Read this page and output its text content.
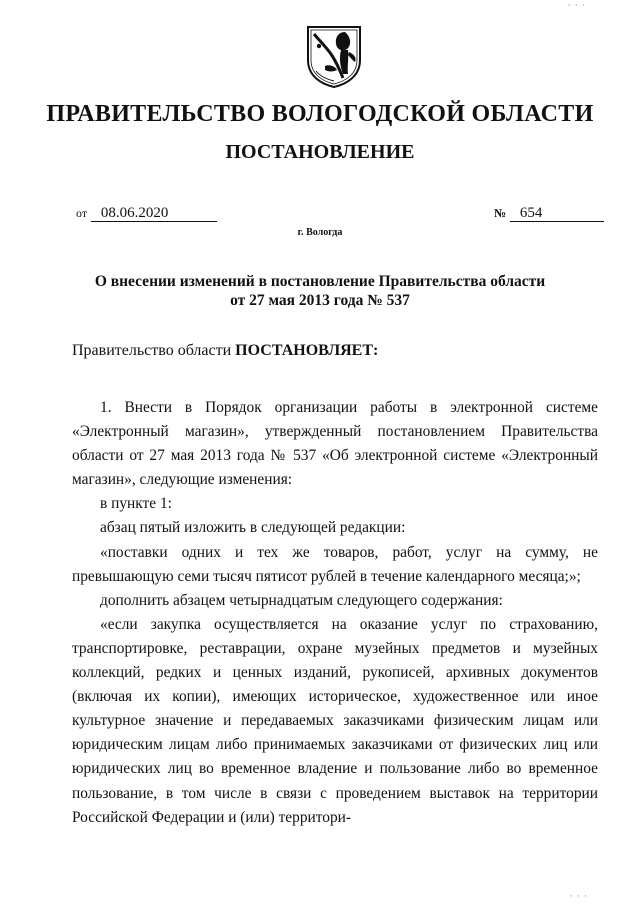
· · ·
ПРАВИТЕЛЬСТВО ВОЛОГОДСКОЙ ОБЛАСТИ
ПОСТАНОВЛЕНИЕ
от 08.06.2020	№ 654
г. Вологда
О внесении изменений в постановление Правительства области
от 27 мая 2013 года № 537
Правительство области ПОСТАНОВЛЯЕТ:

1. Внести в Порядок организации работы в электронной системе «Электронный магазин», утвержденный постановлением Правительства области от 27 мая 2013 года № 537 «Об электронной системе «Электронный магазин», следующие изменения:

в пункте 1:

абзац пятый изложить в следующей редакции:

«поставки одних и тех же товаров, работ, услуг на сумму, не превышающую семи тысяч пятисот рублей в течение календарного месяца;»;

дополнить абзацем четырнадцатым следующего содержания:

«если закупка осуществляется на оказание услуг по страхованию, транспортировке, реставрации, охране музейных предметов и музейных коллекций, редких и ценных изданий, рукописей, архивных документов (включая их копии), имеющих историческое, художественное или иное культурное значение и передаваемых заказчиками физическим лицам или юридическим лицам либо принимаемых заказчиками от физических лиц или юридических лиц во временное владение и пользование либо во временное пользование, в том числе в связи с проведением выставок на территории Российской Федерации и (или) территори-

· · ·
